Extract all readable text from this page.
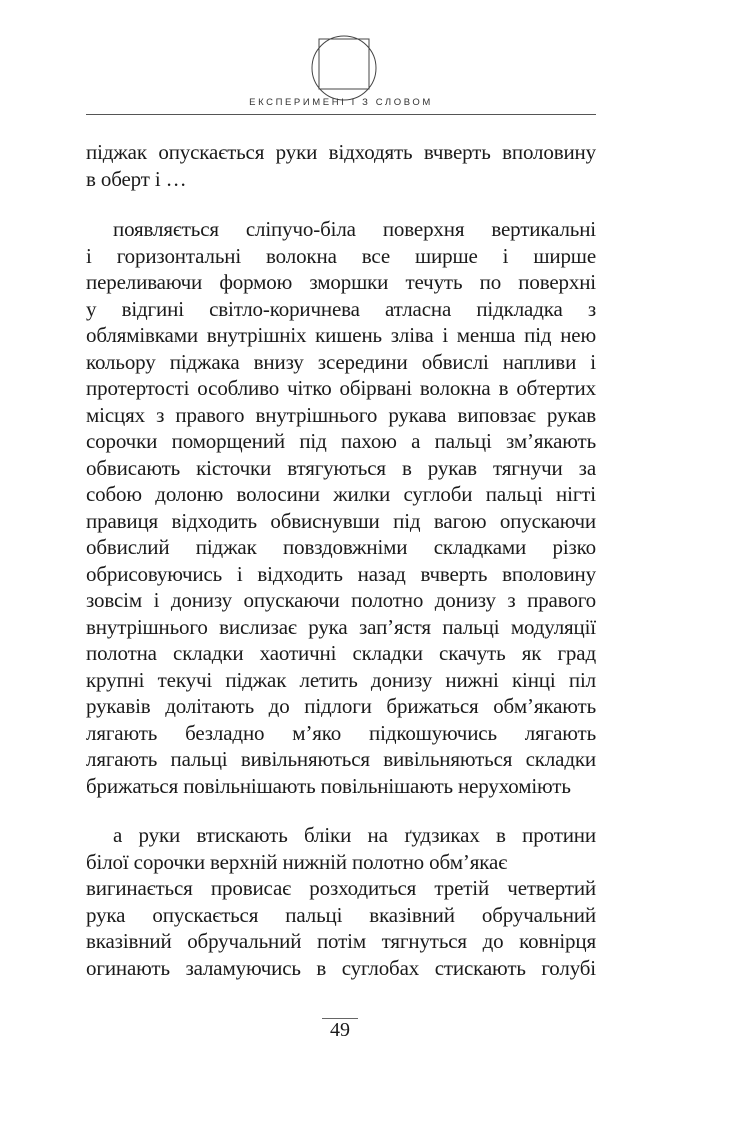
ЕКСПЕРИМЕНІ І З СЛОВОМ
піджак опускається руки відходять вчверть вполовину
в оберт і …
появляється сліпучо-біла поверхня вертикальні
і горизонтальні волокна все ширше і ширше
переливаючи формою зморшки течуть по поверхні
у відгині світло-коричнева атласна підкладка з
облямівками внутрішніх кишень зліва і менша під нею
кольору піджака внизу зсередини обвислі напливи і
протертості особливо чітко обірвані волокна в обтертих
місцях з правого внутрішнього рукава виповзає рукав
сорочки поморщений під пахою а пальці зм’якають
обвисають кісточки втягуються в рукав тягнучи за
собою долоню волосини жилки суглоби пальці нігті
правиця відходить обвиснувши під вагою опускаючи
обвислий піджак повздовжніми складками різко
обрисовуючись і відходить назад вчверть вполовину
зовсім і донизу опускаючи полотно донизу з правого
внутрішнього вислизає рука зап’ястя пальці модуляції
полотна складки хаотичні складки скачуть як град
крупні текучі піджак летить донизу нижні кінці піл
рукавів долітають до підлоги брижаться обм’якають
лягають безладно м’яко підкошуючись лягають
лягають пальці вивільняються вивільняються складки
брижаться повільнішають повільнішають нерухоміють
а руки втискають бліки на ґудзиках в протини
білої сорочки верхній нижній полотно обм’якає
вигинається провисає розходиться третій четвертий
рука опускається пальці вказівний обручальний
вказівний обручальний потім тягнуться до ковнірця
огинають заламуючись в суглобах стискають голубі
49
